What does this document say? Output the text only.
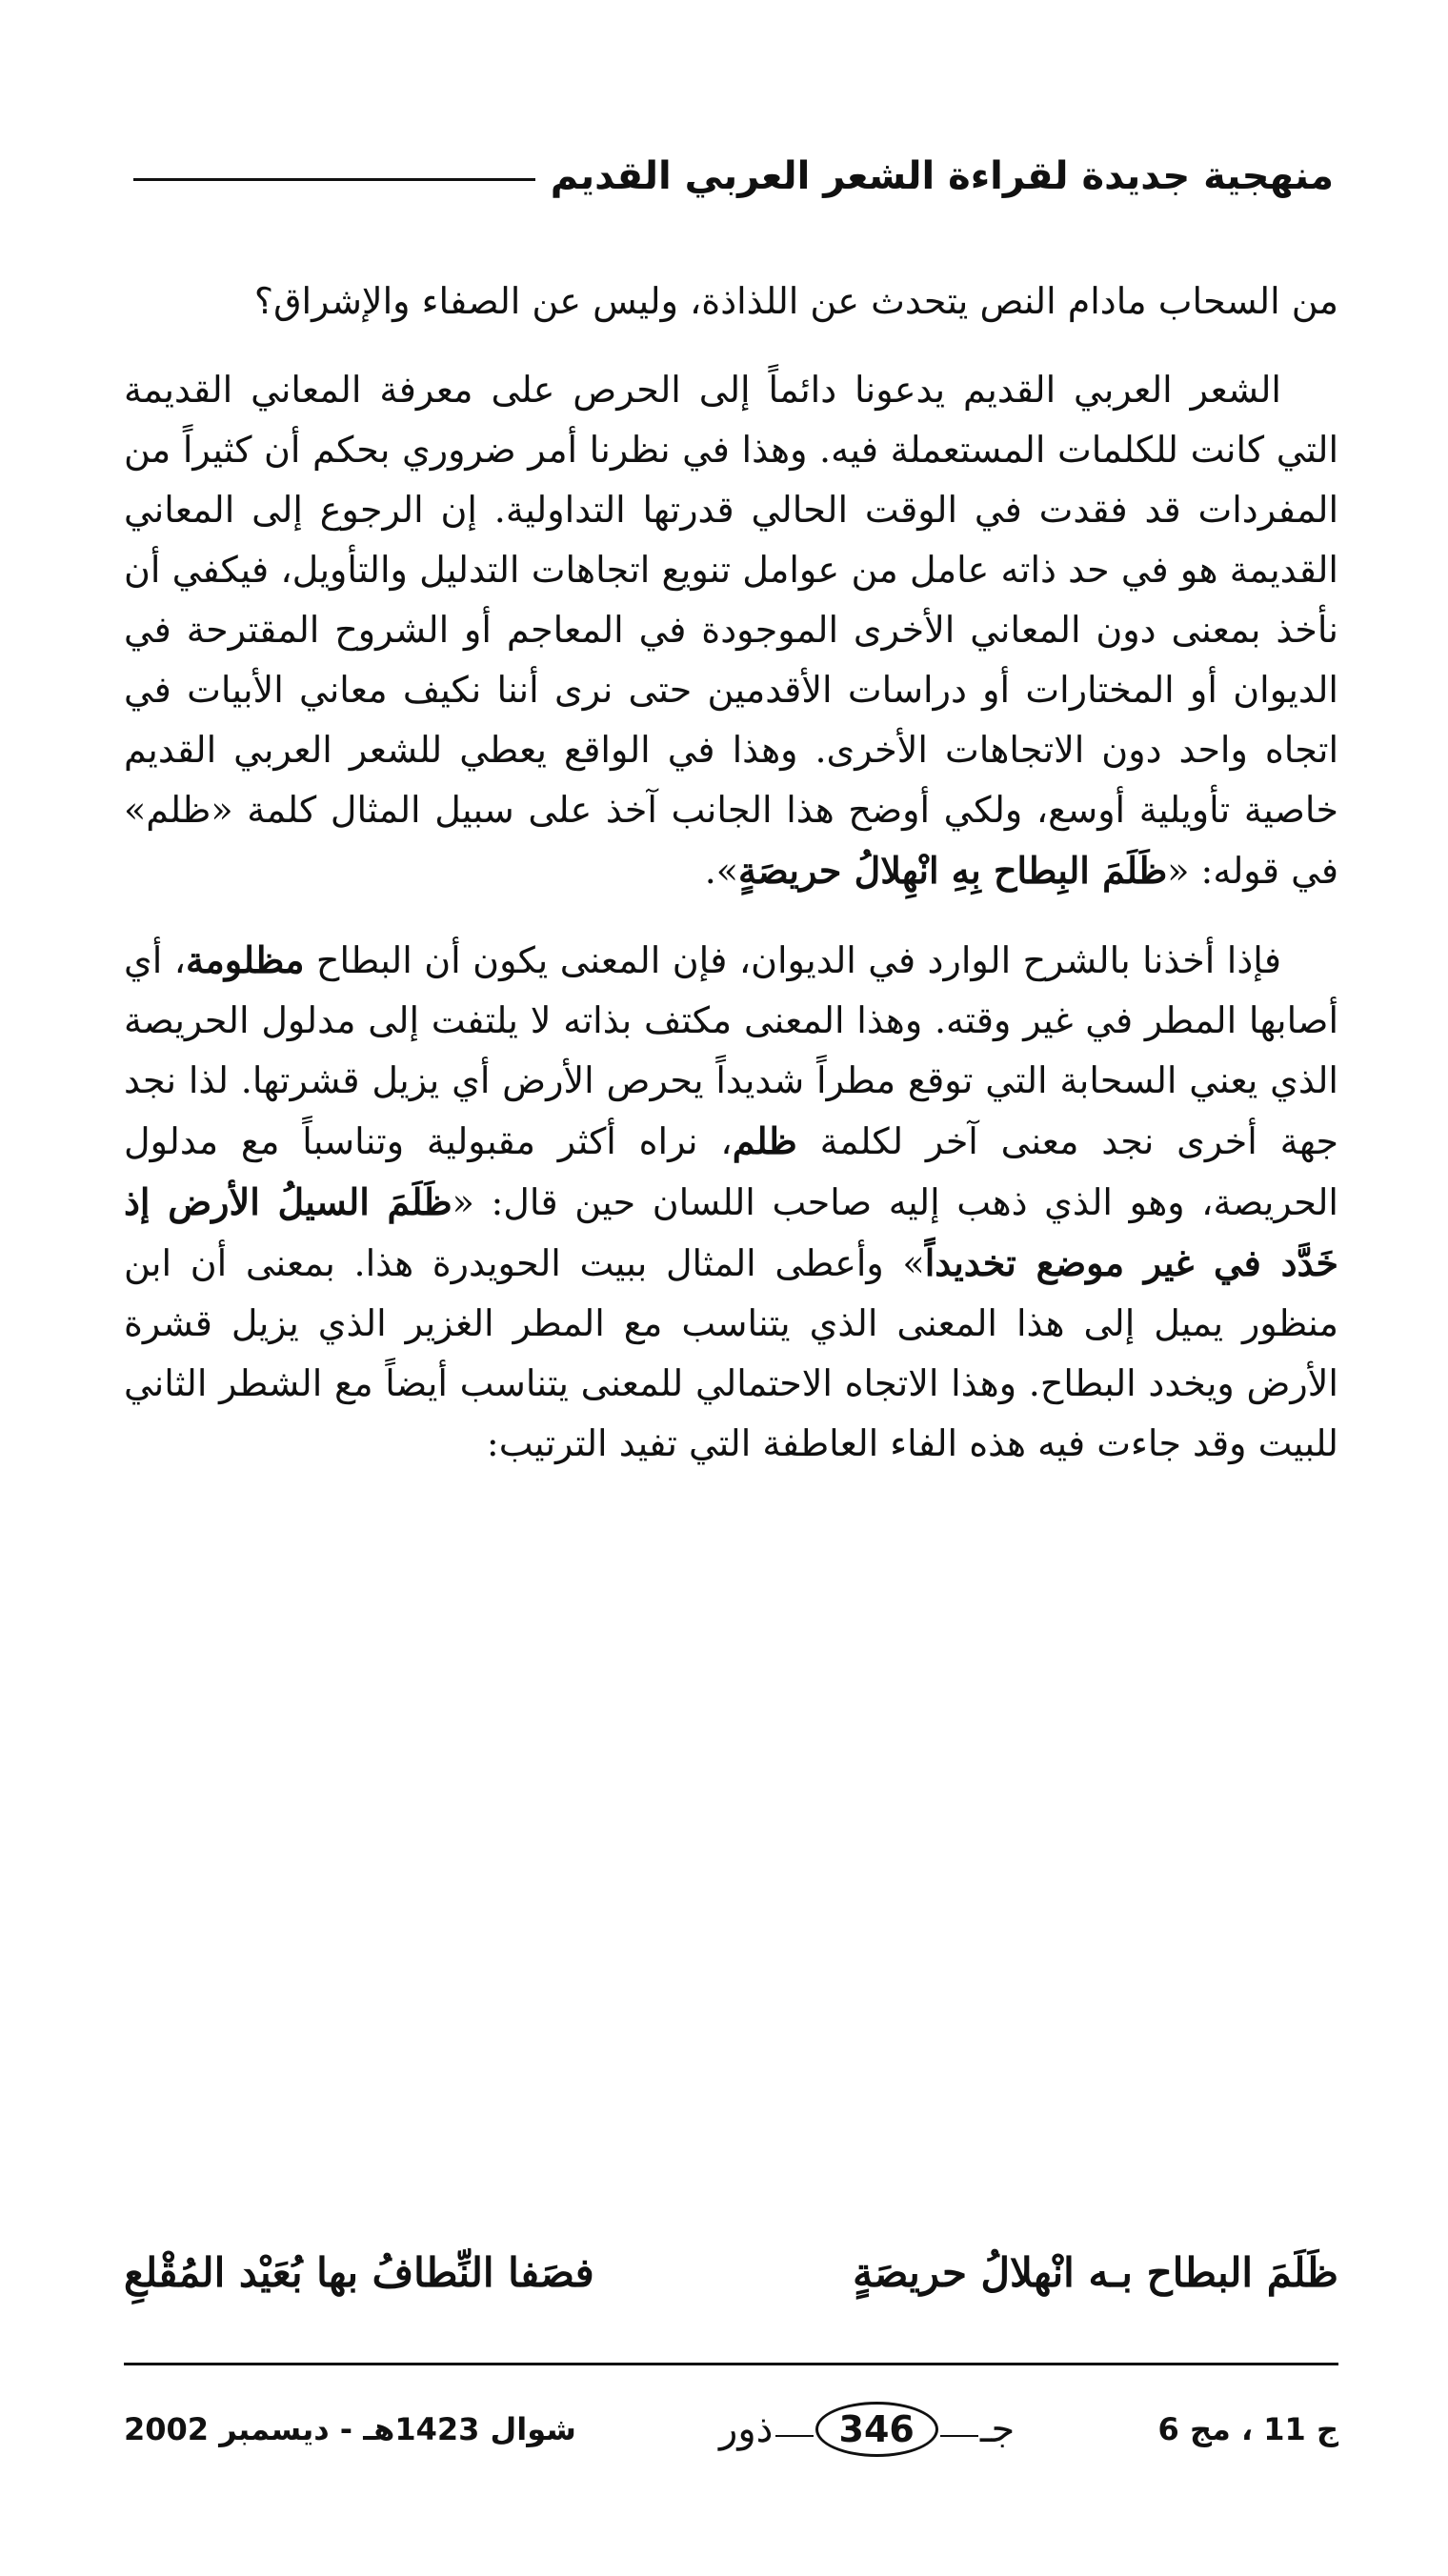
منهجية جديدة لقراءة الشعر العربي القديم

من السحاب مادام النص يتحدث عن اللذاذة، وليس عن الصفاء والإشراق؟

الشعر العربي القديم يدعونا دائماً إلى الحرص على معرفة المعاني القديمة التي كانت للكلمات المستعملة فيه. وهذا في نظرنا أمر ضروري بحكم أن كثيراً من المفردات قد فقدت في الوقت الحالي قدرتها التداولية. إن الرجوع إلى المعاني القديمة هو في حد ذاته عامل من عوامل تنويع اتجاهات التدليل والتأويل، فيكفي أن نأخذ بمعنى دون المعاني الأخرى الموجودة في المعاجم أو الشروح المقترحة في الديوان أو المختارات أو دراسات الأقدمين حتى نرى أننا نكيف معاني الأبيات في اتجاه واحد دون الاتجاهات الأخرى. وهذا في الواقع يعطي للشعر العربي القديم خاصية تأويلية أوسع، ولكي أوضح هذا الجانب آخذ على سبيل المثال كلمة «ظلم» في قوله: «ظَلَمَ البِطاح بِهِ انْهِلالُ حريصَةٍ».

فإذا أخذنا بالشرح الوارد في الديوان، فإن المعنى يكون أن البطاح مظلومة، أي أصابها المطر في غير وقته. وهذا المعنى مكتف بذاته لا يلتفت إلى مدلول الحريصة الذي يعني السحابة التي توقع مطراً شديداً يحرص الأرض أي يزيل قشرتها. لذا نجد جهة أخرى نجد معنى آخر لكلمة ظلم، نراه أكثر مقبولية وتناسباً مع مدلول الحريصة، وهو الذي ذهب إليه صاحب اللسان حين قال: «ظَلَمَ السيلُ الأرض إذ خَدَّد في غير موضع تخديداً» وأعطى المثال ببيت الحويدرة هذا. بمعنى أن ابن منظور يميل إلى هذا المعنى الذي يتناسب مع المطر الغزير الذي يزيل قشرة الأرض ويخدد البطاح. وهذا الاتجاه الاحتمالي للمعنى يتناسب أيضاً مع الشطر الثاني للبيت وقد جاءت فيه هذه الفاء العاطفة التي تفيد الترتيب:

ظَلَمَ البطاح بـه انْهلالُ حريصَةٍ
فصَفا النِّطافُ بها بُعَيْد المُقْلعِ
ج 11 ، مج 6
جـ
346
ذور
شوال 1423هـ - ديسمبر 2002
